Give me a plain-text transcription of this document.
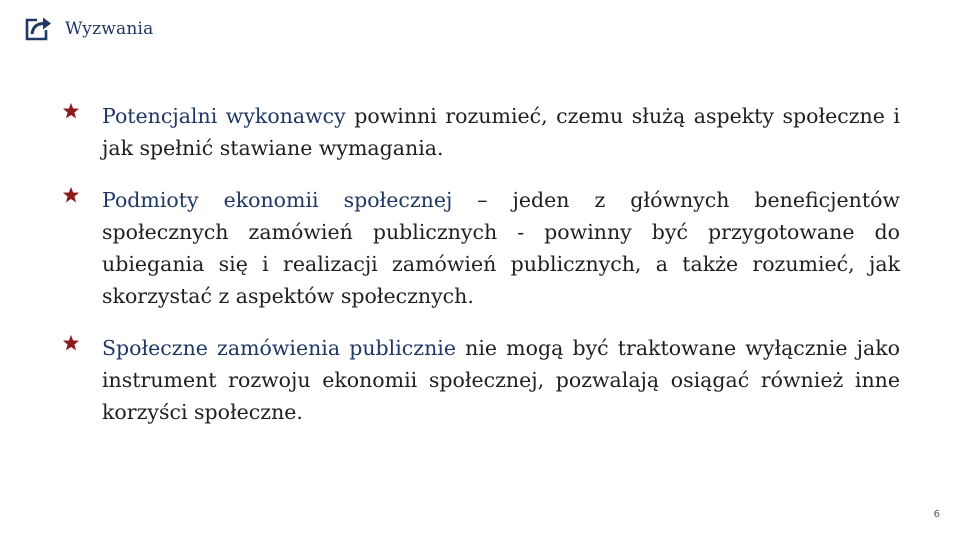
Wyzwania
Potencjalni wykonawcy powinni rozumieć, czemu służą aspekty społeczne i jak spełnić stawiane wymagania.
Podmioty ekonomii społecznej – jeden z głównych beneficjentów społecznych zamówień publicznych - powinny być przygotowane do ubiegania się i realizacji zamówień publicznych, a także rozumieć, jak skorzystać z aspektów społecznych.
Społeczne zamówienia publicznie nie mogą być traktowane wyłącznie jako instrument rozwoju ekonomii społecznej, pozwalają osiągać również inne korzyści społeczne.
6
